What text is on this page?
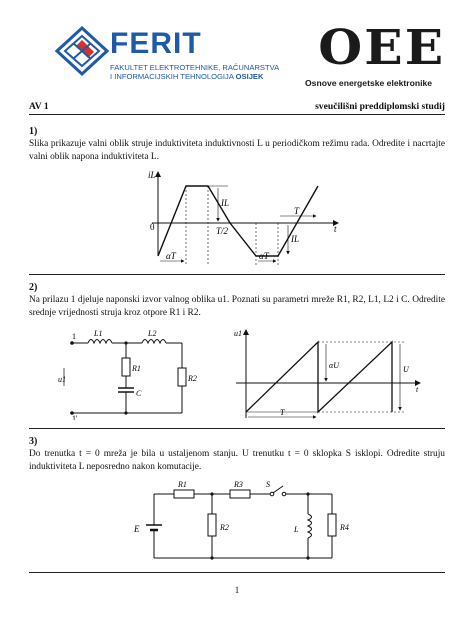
FERIT
FAKULTET ELEKTROTEHNIKE, RAČUNARSTVA
I INFORMACIJSKIH TEHNOLOGIJA OSIJEK
OEE
Osnove energetske elektronike
AV 1	sveučilišni preddiplomski studij
1)
Slika prikazuje valni oblik struje induktiviteta induktivnosti L u periodičkom režimu rada. Odredite i nacrtajte valni oblik napona induktiviteta L.
iL
0	t
IL
IL
T/2
T
αT	αT
2)
Na prilazu 1 djeluje naponski izvor valnog oblika u1. Poznati su parametri mreže R1, R2, L1, L2 i C. Odredite srednje vrijednosti struja kroz otpore R1 i R2.
1
1'
u1
L1	L2
R1
R2
C
u1
t
αU	U
T
3)
Do trenutka t = 0 mreža je bila u ustaljenom stanju. U trenutku t = 0 sklopka S isklopi. Odredite struju induktiviteta L neposredno nakon komutacije.
E
R1	R3	S
R2	L	R4
1
